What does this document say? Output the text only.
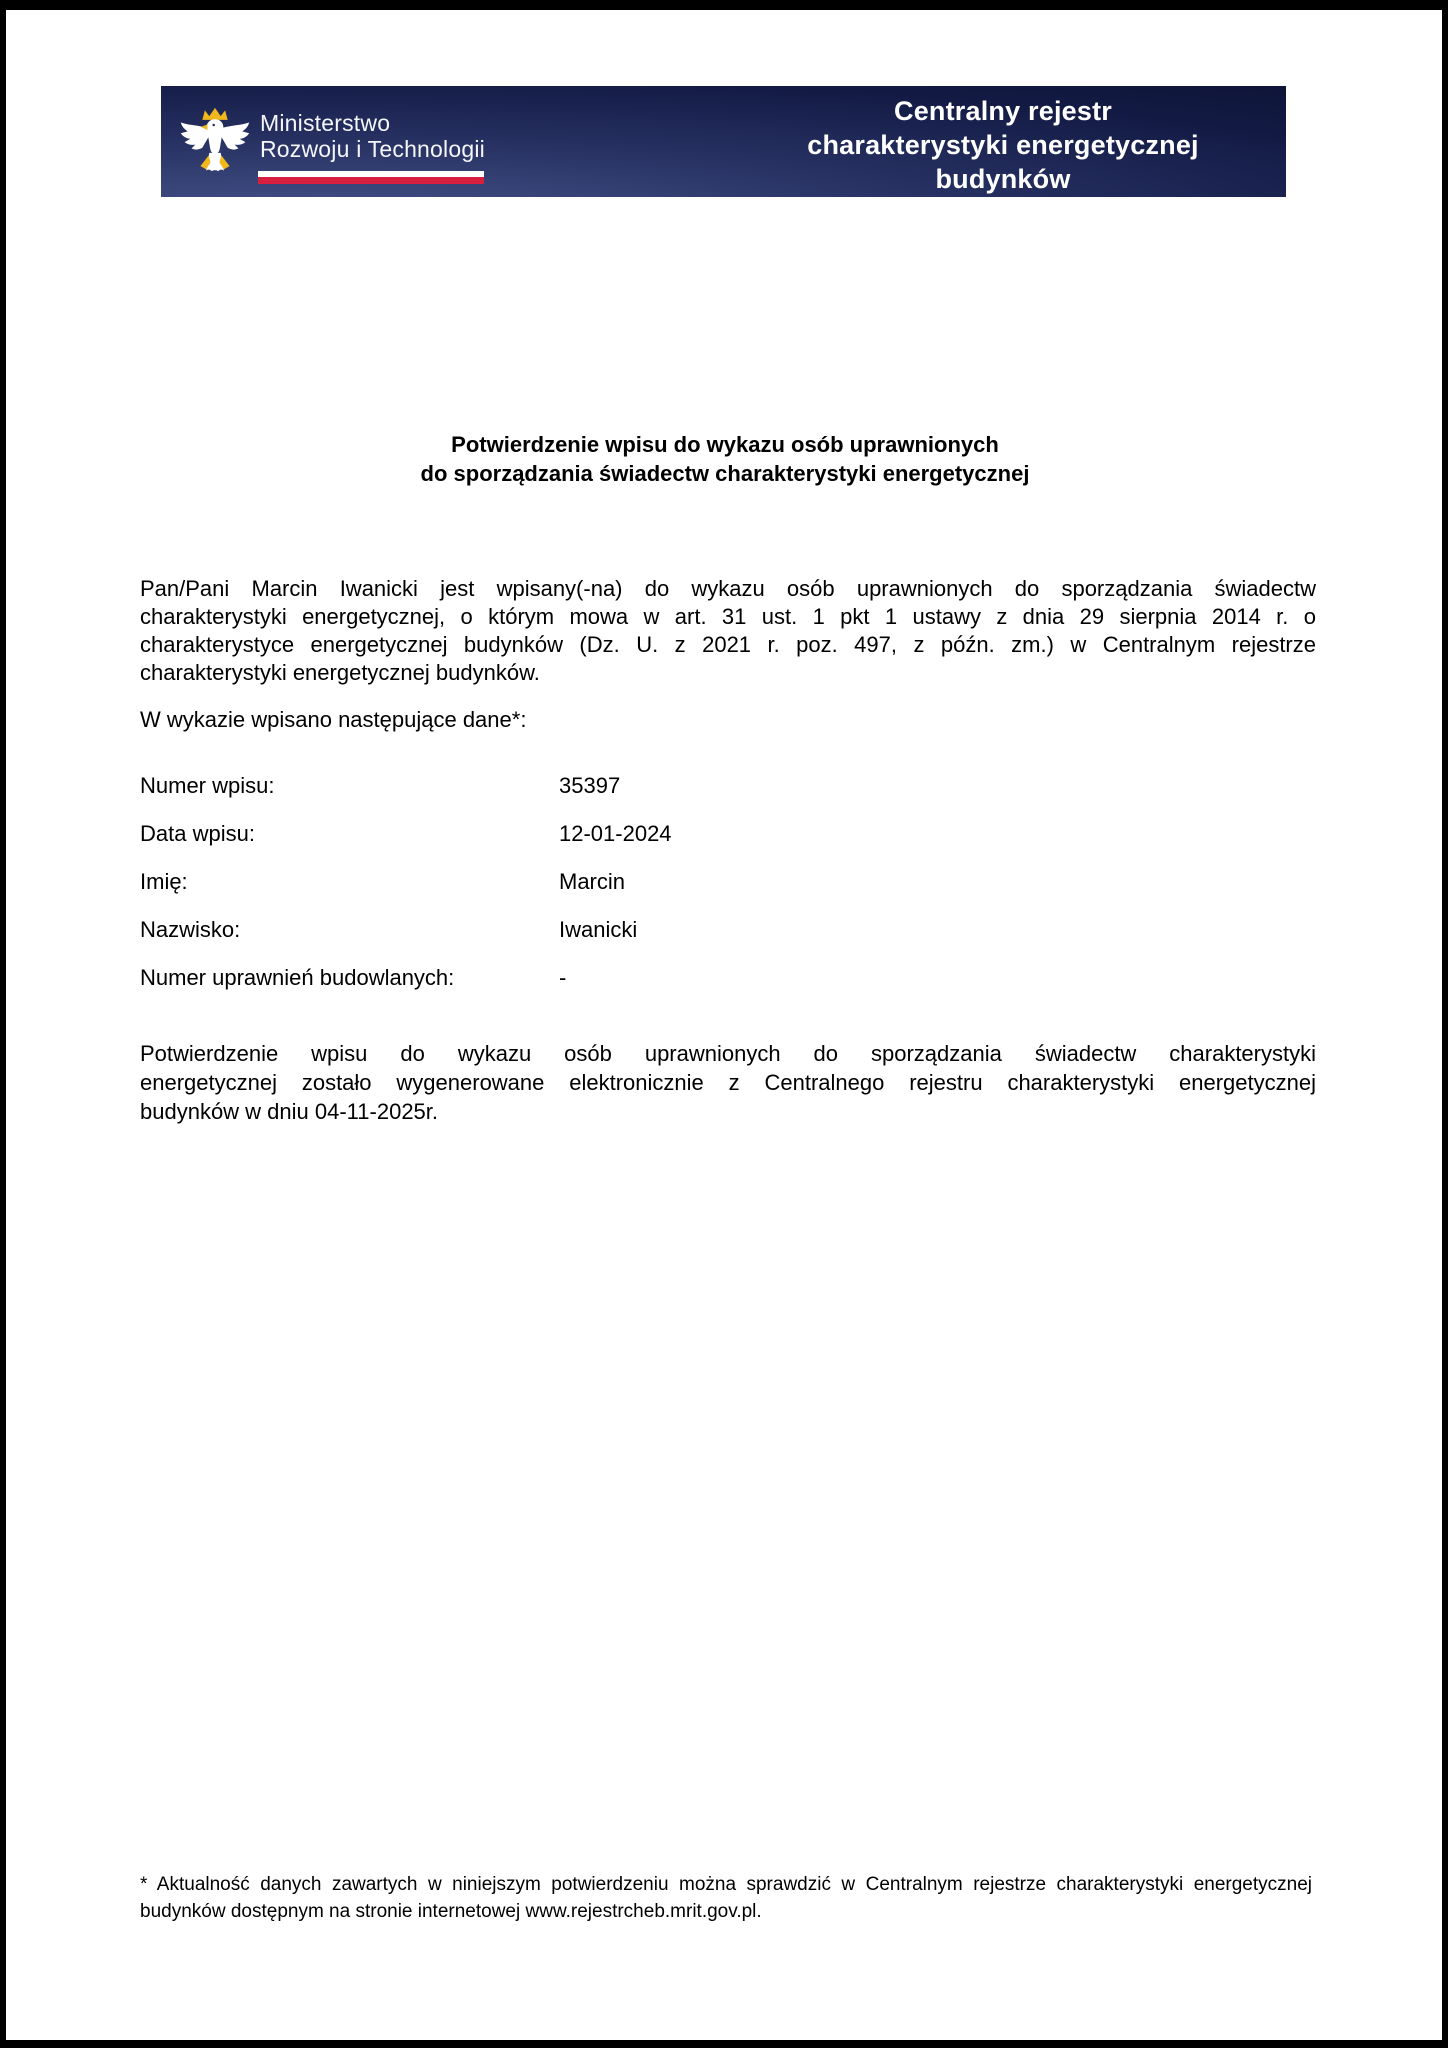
Ministerstwo
Rozwoju i Technologii
Centralny rejestr
charakterystyki energetycznej
budynków
Potwierdzenie wpisu do wykazu osób uprawnionych
do sporządzania świadectw charakterystyki energetycznej
Pan/Pani Marcin Iwanicki jest wpisany(-na) do wykazu osób uprawnionych do sporządzania świadectw
charakterystyki energetycznej, o którym mowa w art. 31 ust. 1 pkt 1 ustawy z dnia 29 sierpnia 2014 r. o
charakterystyce energetycznej budynków (Dz. U. z 2021 r. poz. 497, z późn. zm.) w Centralnym rejestrze
charakterystyki energetycznej budynków.
W wykazie wpisano następujące dane*:
Numer wpisu:	35397
Data wpisu:	12-01-2024
Imię:	Marcin
Nazwisko:	Iwanicki
Numer uprawnień budowlanych:	-
Potwierdzenie wpisu do wykazu osób uprawnionych do sporządzania świadectw charakterystyki
energetycznej zostało wygenerowane elektronicznie z Centralnego rejestru charakterystyki energetycznej
budynków w dniu 04-11-2025r.
* Aktualność danych zawartych w niniejszym potwierdzeniu można sprawdzić w Centralnym rejestrze charakterystyki energetycznej
budynków dostępnym na stronie internetowej www.rejestrcheb.mrit.gov.pl.
